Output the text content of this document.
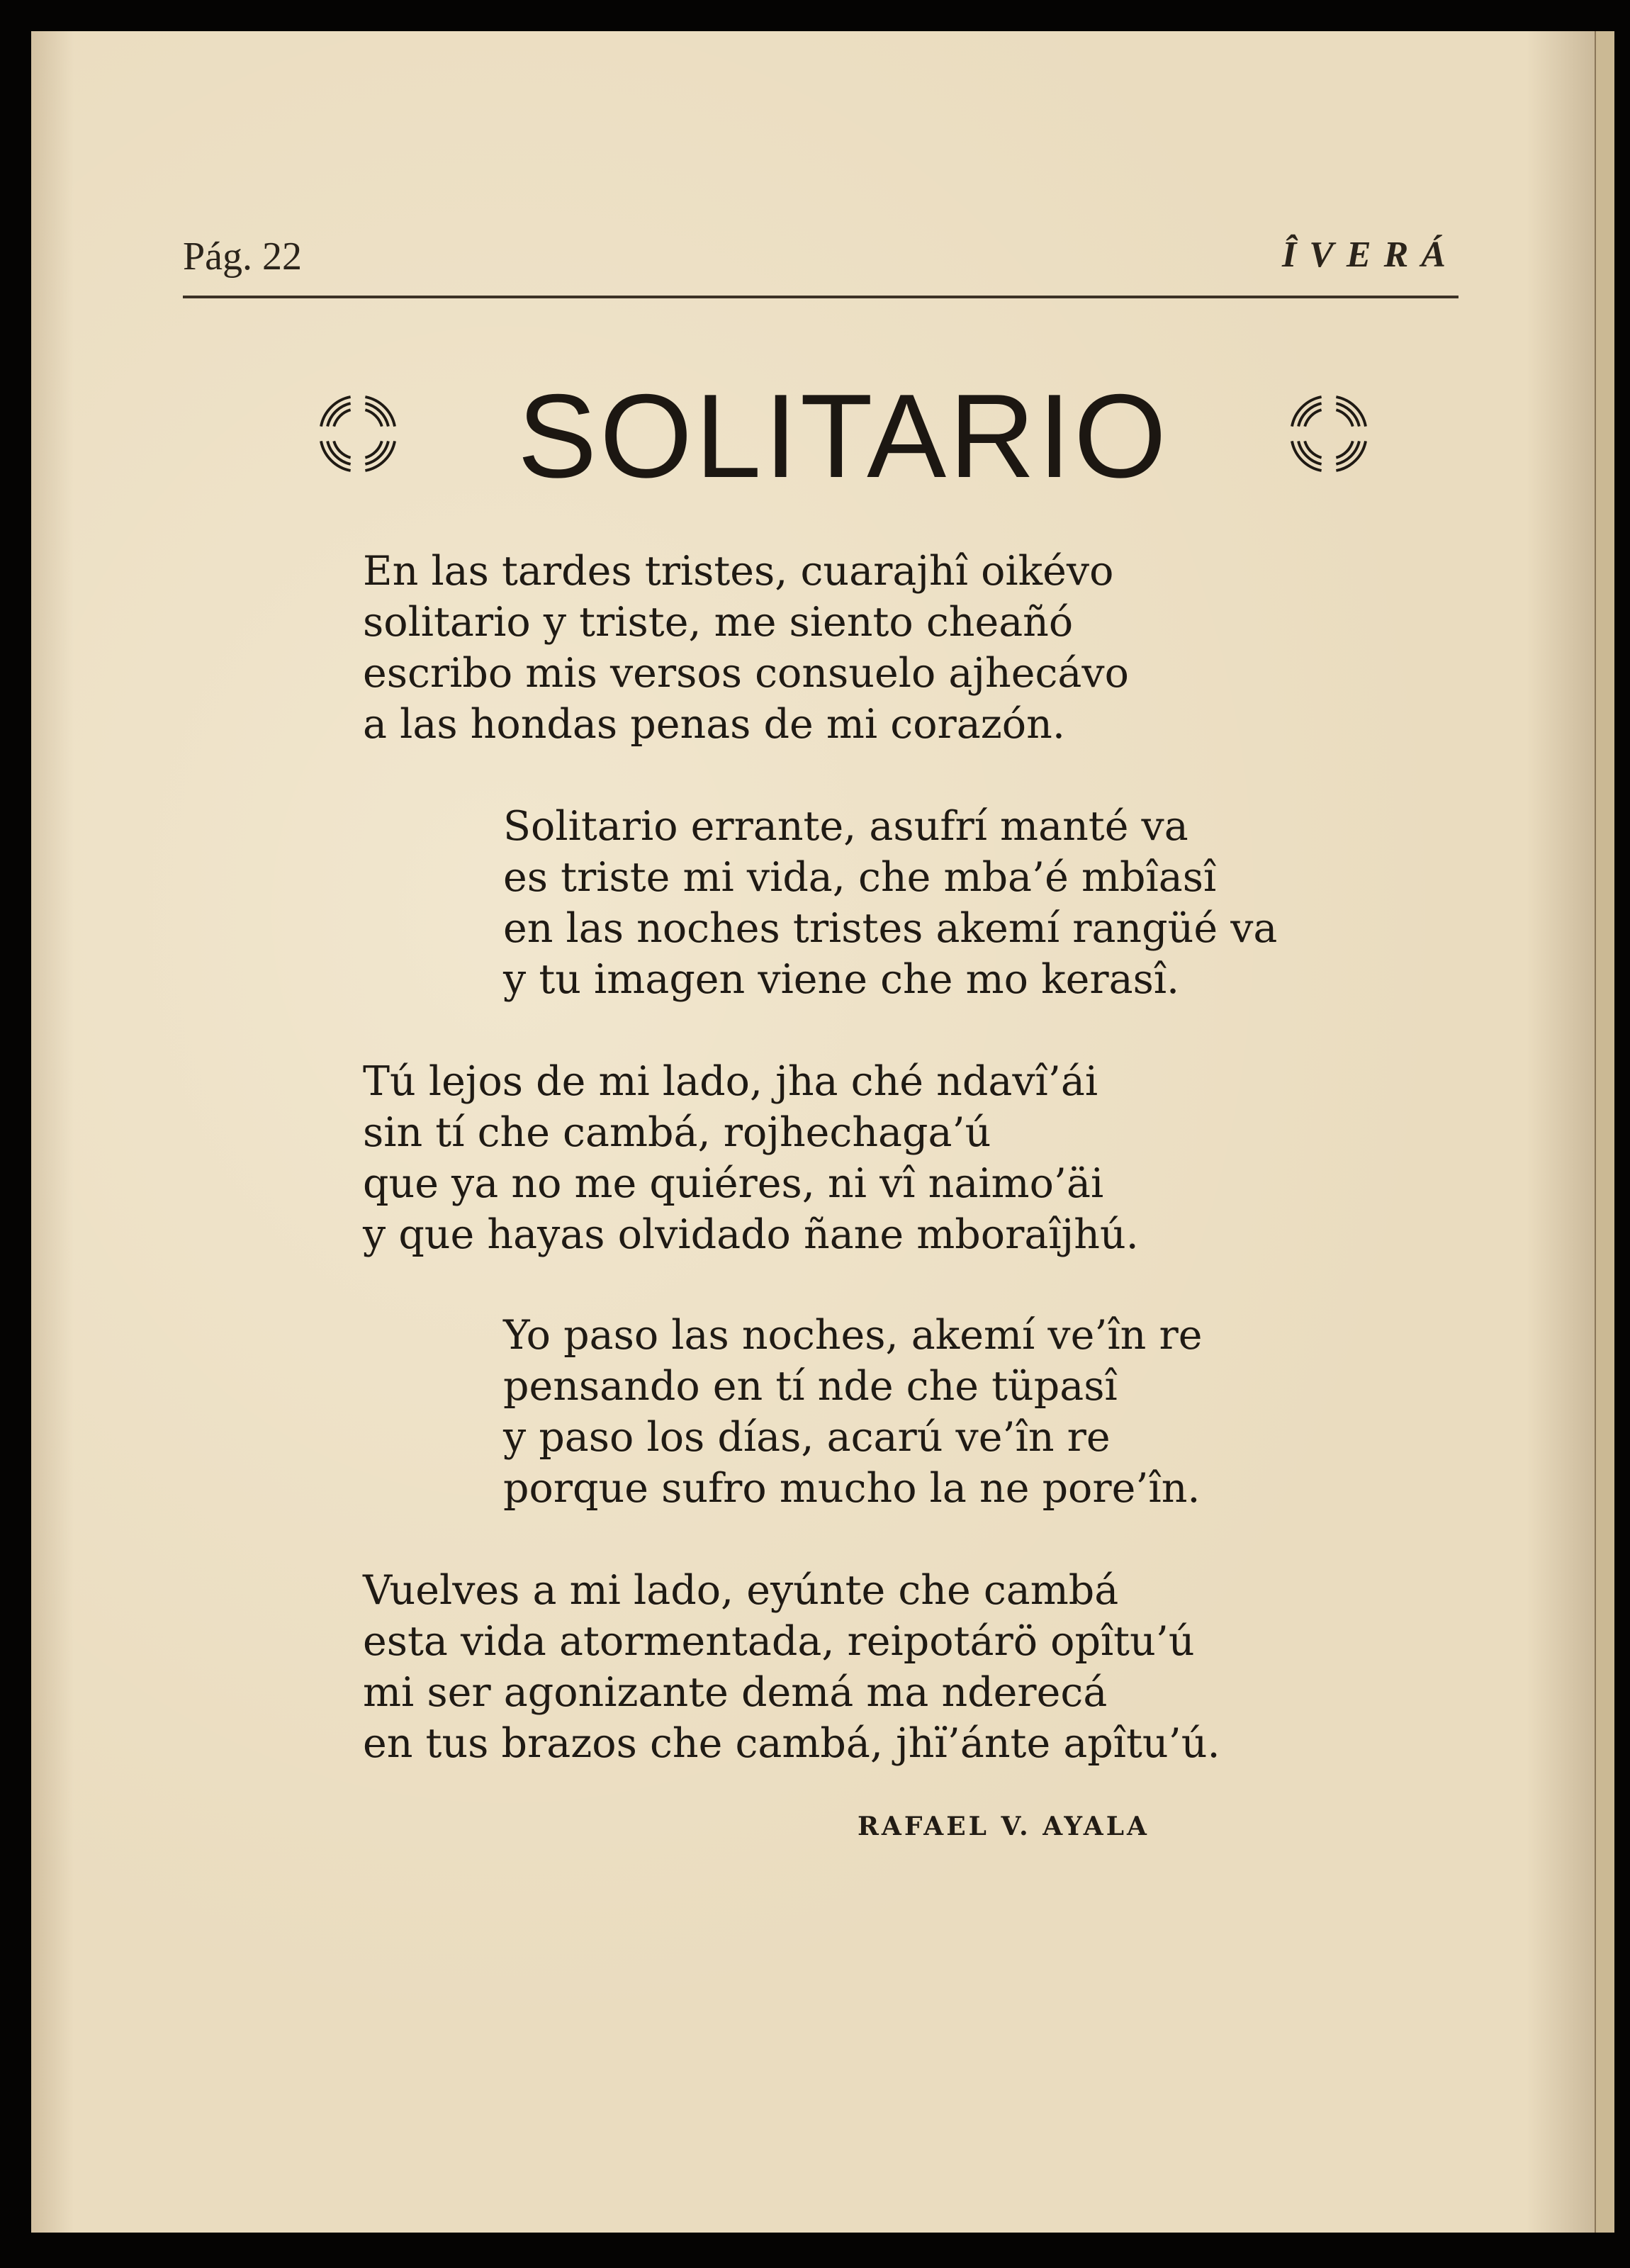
Pág. 22	ÎVERÁ
SOLITARIO
En las tardes tristes, cuarajhî oikévo
solitario y triste, me siento cheañó
escribo mis versos consuelo ajhecávo
a las hondas penas de mi corazón.
Solitario errante, asufrí manté va
es triste mi vida, che mba’é mbîasî
en las noches tristes akemí rangüé va
y tu imagen viene che mo kerasî.
Tú lejos de mi lado, jha ché ndavî’ái
sin tí che cambá, rojhechaga’ú
que ya no me quiéres, ni vî naimo’äi
y que hayas olvidado ñane mboraîjhú.
Yo paso las noches, akemí ve’în re
pensando en tí nde che tüpasî
y paso los días, acarú ve’în re
porque sufro mucho la ne pore’în.
Vuelves a mi lado, eyúnte che cambá
esta vida atormentada, reipotárö opîtu’ú
mi ser agonizante demá ma nderecá
en tus brazos che cambá, jhï’ánte apîtu’ú.
RAFAEL V. AYALA
